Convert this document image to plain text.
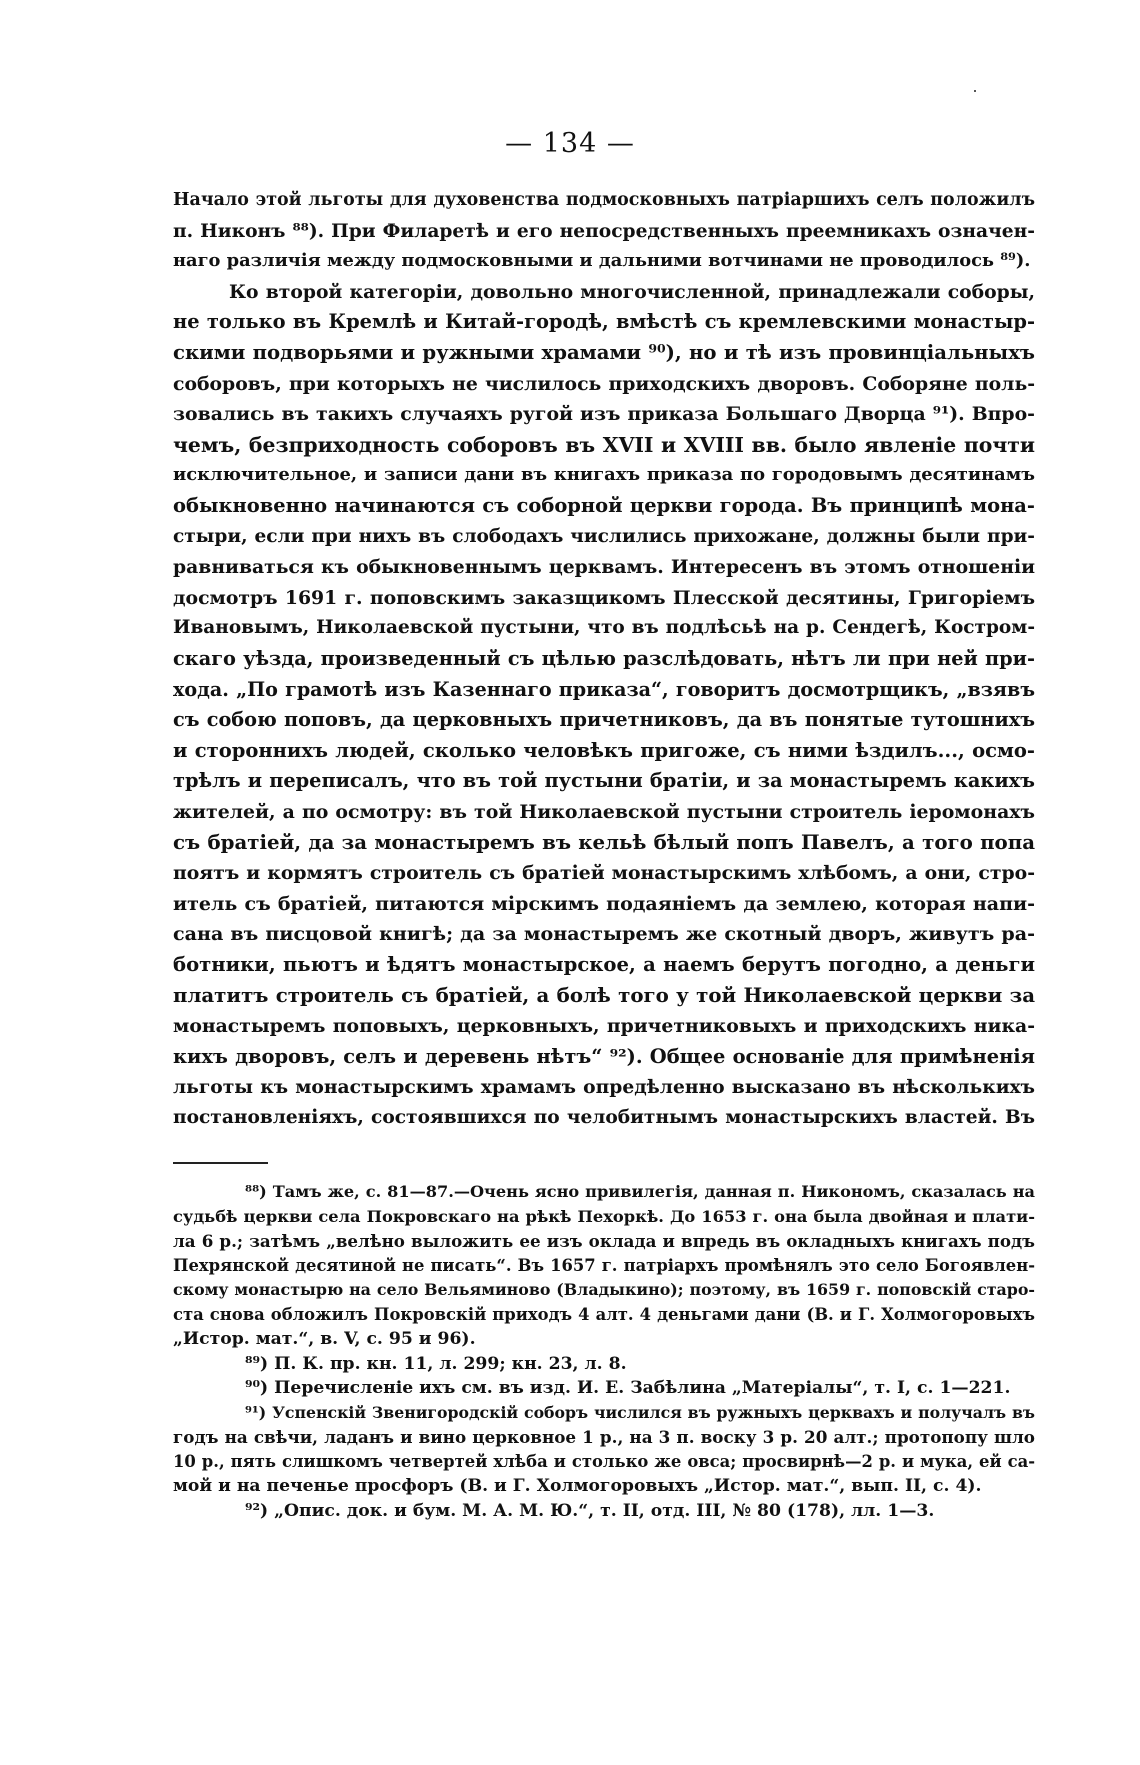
— 134 —
Начало этой льготы для духовенства подмосковныхъ патріаршихъ селъ положилъ
п. Никонъ ⁸⁸). При Филаретѣ и его непосредственныхъ преемникахъ означен-
наго различія между подмосковными и дальними вотчинами не проводилось ⁸⁹).
Ко второй категоріи, довольно многочисленной, принадлежали соборы,
не только въ Кремлѣ и Китай-городѣ, вмѣстѣ съ кремлевскими монастыр-
скими подворьями и ружными храмами ⁹⁰), но и тѣ изъ провинціальныхъ
соборовъ, при которыхъ не числилось приходскихъ дворовъ. Соборяне поль-
зовались въ такихъ случаяхъ ругой изъ приказа Большаго Дворца ⁹¹). Впро-
чемъ, безприходность соборовъ въ XVII и XVIII вв. было явленіе почти
исключительное, и записи дани въ книгахъ приказа по городовымъ десятинамъ
обыкновенно начинаются съ соборной церкви города. Въ принципѣ мона-
стыри, если при нихъ въ слободахъ числились прихожане, должны были при-
равниваться къ обыкновеннымъ церквамъ. Интересенъ въ этомъ отношеніи
досмотръ 1691 г. поповскимъ заказщикомъ Плесской десятины, Григоріемъ
Ивановымъ, Николаевской пустыни, что въ подлѣсьѣ на р. Сендегѣ, Костром-
скаго уѣзда, произведенный съ цѣлью разслѣдовать, нѣтъ ли при ней при-
хода. „По грамотѣ изъ Казеннаго приказа“, говоритъ досмотрщикъ, „взявъ
съ собою поповъ, да церковныхъ причетниковъ, да въ понятые тутошнихъ
и стороннихъ людей, сколько человѣкъ пригоже, съ ними ѣздилъ..., осмо-
трѣлъ и переписалъ, что въ той пустыни братіи, и за монастыремъ какихъ
жителей, а по осмотру: въ той Николаевской пустыни строитель іеромонахъ
съ братіей, да за монастыремъ въ кельѣ бѣлый попъ Павелъ, а того попа
поятъ и кормятъ строитель съ братіей монастырскимъ хлѣбомъ, а они, стро-
итель съ братіей, питаются мірскимъ подаяніемъ да землею, которая напи-
сана въ писцовой книгѣ; да за монастыремъ же скотный дворъ, живутъ ра-
ботники, пьютъ и ѣдятъ монастырское, а наемъ берутъ погодно, а деньги
платитъ строитель съ братіей, а болѣ того у той Николаевской церкви за
монастыремъ поповыхъ, церковныхъ, причетниковыхъ и приходскихъ ника-
кихъ дворовъ, селъ и деревень нѣтъ“ ⁹²). Общее основаніе для примѣненія
льготы къ монастырскимъ храмамъ опредѣленно высказано въ нѣсколькихъ
постановленіяхъ, состоявшихся по челобитнымъ монастырскихъ властей. Въ
⁸⁸) Тамъ же, с. 81—87.—Очень ясно привилегія, данная п. Никономъ, сказалась на
судьбѣ церкви села Покровскаго на рѣкѣ Пехоркѣ. До 1653 г. она была двойная и плати-
ла 6 р.; затѣмъ „велѣно выложить ее изъ оклада и впредь въ окладныхъ книгахъ подъ
Пехрянской десятиной не писать“. Въ 1657 г. патріархъ промѣнялъ это село Богоявлен-
скому монастырю на село Вельяминово (Владыкино); поэтому, въ 1659 г. поповскій старо-
ста снова обложилъ Покровскій приходъ 4 алт. 4 деньгами дани (В. и Г. Холмогоровыхъ
„Истор. мат.“, в. V, с. 95 и 96).
⁸⁹) П. К. пр. кн. 11, л. 299; кн. 23, л. 8.
⁹⁰) Перечисленіе ихъ см. въ изд. И. Е. Забѣлина „Матеріалы“, т. I, с. 1—221.
⁹¹) Успенскій Звенигородскій соборъ числился въ ружныхъ церквахъ и получалъ въ
годъ на свѣчи, ладанъ и вино церковное 1 р., на 3 п. воску 3 р. 20 алт.; протопопу шло
10 р., пять слишкомъ четвертей хлѣба и столько же овса; просвирнѣ—2 р. и мука, ей са-
мой и на печенье просфоръ (В. и Г. Холмогоровыхъ „Истор. мат.“, вып. II, с. 4).
⁹²) „Опис. док. и бум. М. А. М. Ю.“, т. II, отд. III, № 80 (178), лл. 1—3.
